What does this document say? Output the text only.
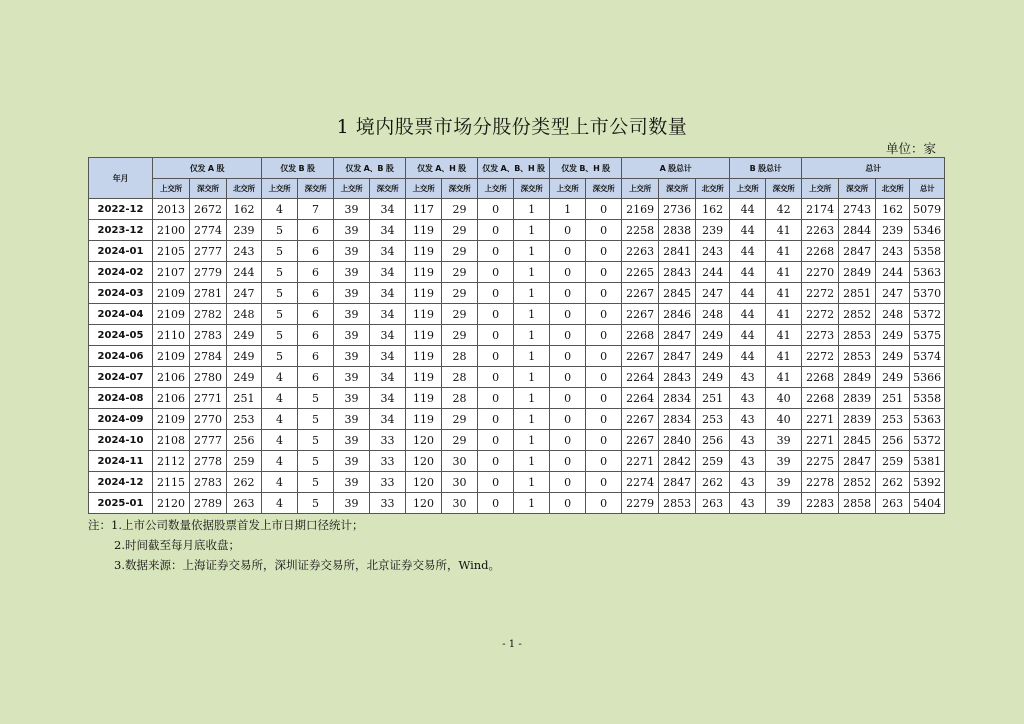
1 境内股票市场分股份类型上市公司数量
单位：家
年月	仅发 A 股			仅发 B 股		仅发 A、B 股		仅发 A、H 股		仅发 A、B、H 股		仅发 B、H 股		A 股总计			B 股总计		总计			
	上交所	深交所	北交所	上交所	深交所	上交所	深交所	上交所	深交所	上交所	深交所	上交所	深交所	上交所	深交所	北交所	上交所	深交所	上交所	深交所	北交所	总计
2022-12	2013	2672	162	4	7	39	34	117	29	0	1	1	0	2169	2736	162	44	42	2174	2743	162	5079
2023-12	2100	2774	239	5	6	39	34	119	29	0	1	0	0	2258	2838	239	44	41	2263	2844	239	5346
2024-01	2105	2777	243	5	6	39	34	119	29	0	1	0	0	2263	2841	243	44	41	2268	2847	243	5358
2024-02	2107	2779	244	5	6	39	34	119	29	0	1	0	0	2265	2843	244	44	41	2270	2849	244	5363
2024-03	2109	2781	247	5	6	39	34	119	29	0	1	0	0	2267	2845	247	44	41	2272	2851	247	5370
2024-04	2109	2782	248	5	6	39	34	119	29	0	1	0	0	2267	2846	248	44	41	2272	2852	248	5372
2024-05	2110	2783	249	5	6	39	34	119	29	0	1	0	0	2268	2847	249	44	41	2273	2853	249	5375
2024-06	2109	2784	249	5	6	39	34	119	28	0	1	0	0	2267	2847	249	44	41	2272	2853	249	5374
2024-07	2106	2780	249	4	6	39	34	119	28	0	1	0	0	2264	2843	249	43	41	2268	2849	249	5366
2024-08	2106	2771	251	4	5	39	34	119	28	0	1	0	0	2264	2834	251	43	40	2268	2839	251	5358
2024-09	2109	2770	253	4	5	39	34	119	29	0	1	0	0	2267	2834	253	43	40	2271	2839	253	5363
2024-10	2108	2777	256	4	5	39	33	120	29	0	1	0	0	2267	2840	256	43	39	2271	2845	256	5372
2024-11	2112	2778	259	4	5	39	33	120	30	0	1	0	0	2271	2842	259	43	39	2275	2847	259	5381
2024-12	2115	2783	262	4	5	39	33	120	30	0	1	0	0	2274	2847	262	43	39	2278	2852	262	5392
2025-01	2120	2789	263	4	5	39	33	120	30	0	1	0	0	2279	2853	263	43	39	2283	2858	263	5404
注：1.上市公司数量依据股票首发上市日期口径统计；
2.时间截至每月底收盘；
3.数据来源：上海证券交易所，深圳证券交易所，北京证券交易所，Wind。
- 1 -
